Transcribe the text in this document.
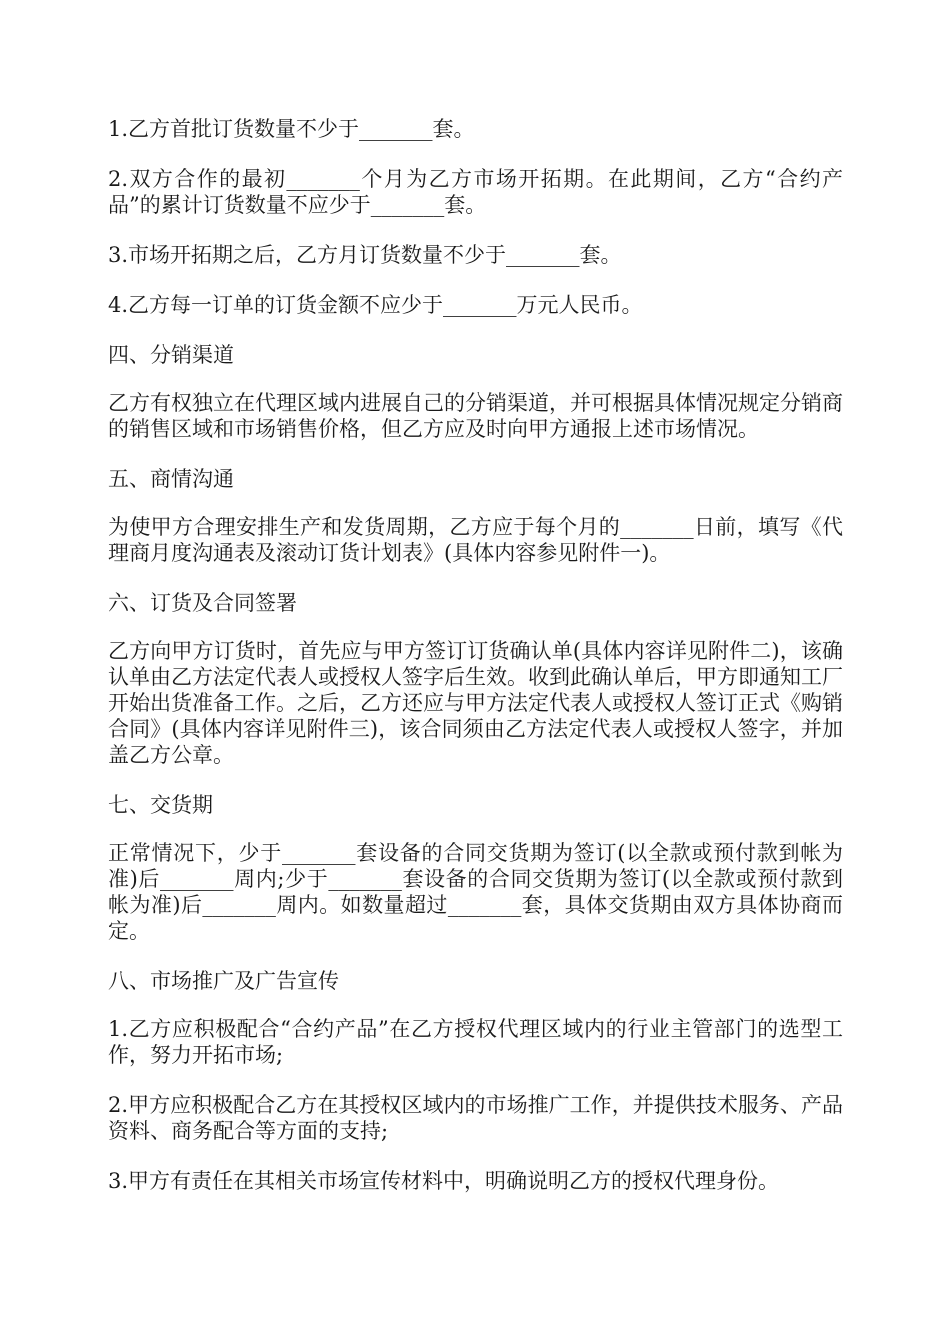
1.乙方首批订货数量不少于_______套。

2.双方合作的最初_______个月为乙方市场开拓期。在此期间，乙方“合约产品”的累计订货数量不应少于_______套。

3.市场开拓期之后，乙方月订货数量不少于_______套。

4.乙方每一订单的订货金额不应少于_______万元人民币。

四、分销渠道

乙方有权独立在代理区域内进展自己的分销渠道，并可根据具体情况规定分销商的销售区域和市场销售价格，但乙方应及时向甲方通报上述市场情况。

五、商情沟通

为使甲方合理安排生产和发货周期，乙方应于每个月的_______日前，填写《代理商月度沟通表及滚动订货计划表》(具体内容参见附件一)。

六、订货及合同签署

乙方向甲方订货时，首先应与甲方签订订货确认单(具体内容详见附件二)，该确认单由乙方法定代表人或授权人签字后生效。收到此确认单后，甲方即通知工厂开始出货准备工作。之后，乙方还应与甲方法定代表人或授权人签订正式《购销合同》(具体内容详见附件三)，该合同须由乙方法定代表人或授权人签字，并加盖乙方公章。

七、交货期

正常情况下，少于_______套设备的合同交货期为签订(以全款或预付款到帐为准)后_______周内;少于_______套设备的合同交货期为签订(以全款或预付款到帐为准)后_______周内。如数量超过_______套，具体交货期由双方具体协商而定。

八、市场推广及广告宣传

1.乙方应积极配合“合约产品”在乙方授权代理区域内的行业主管部门的选型工作，努力开拓市场;

2.甲方应积极配合乙方在其授权区域内的市场推广工作，并提供技术服务、产品资料、商务配合等方面的支持;

3.甲方有责任在其相关市场宣传材料中，明确说明乙方的授权代理身份。
